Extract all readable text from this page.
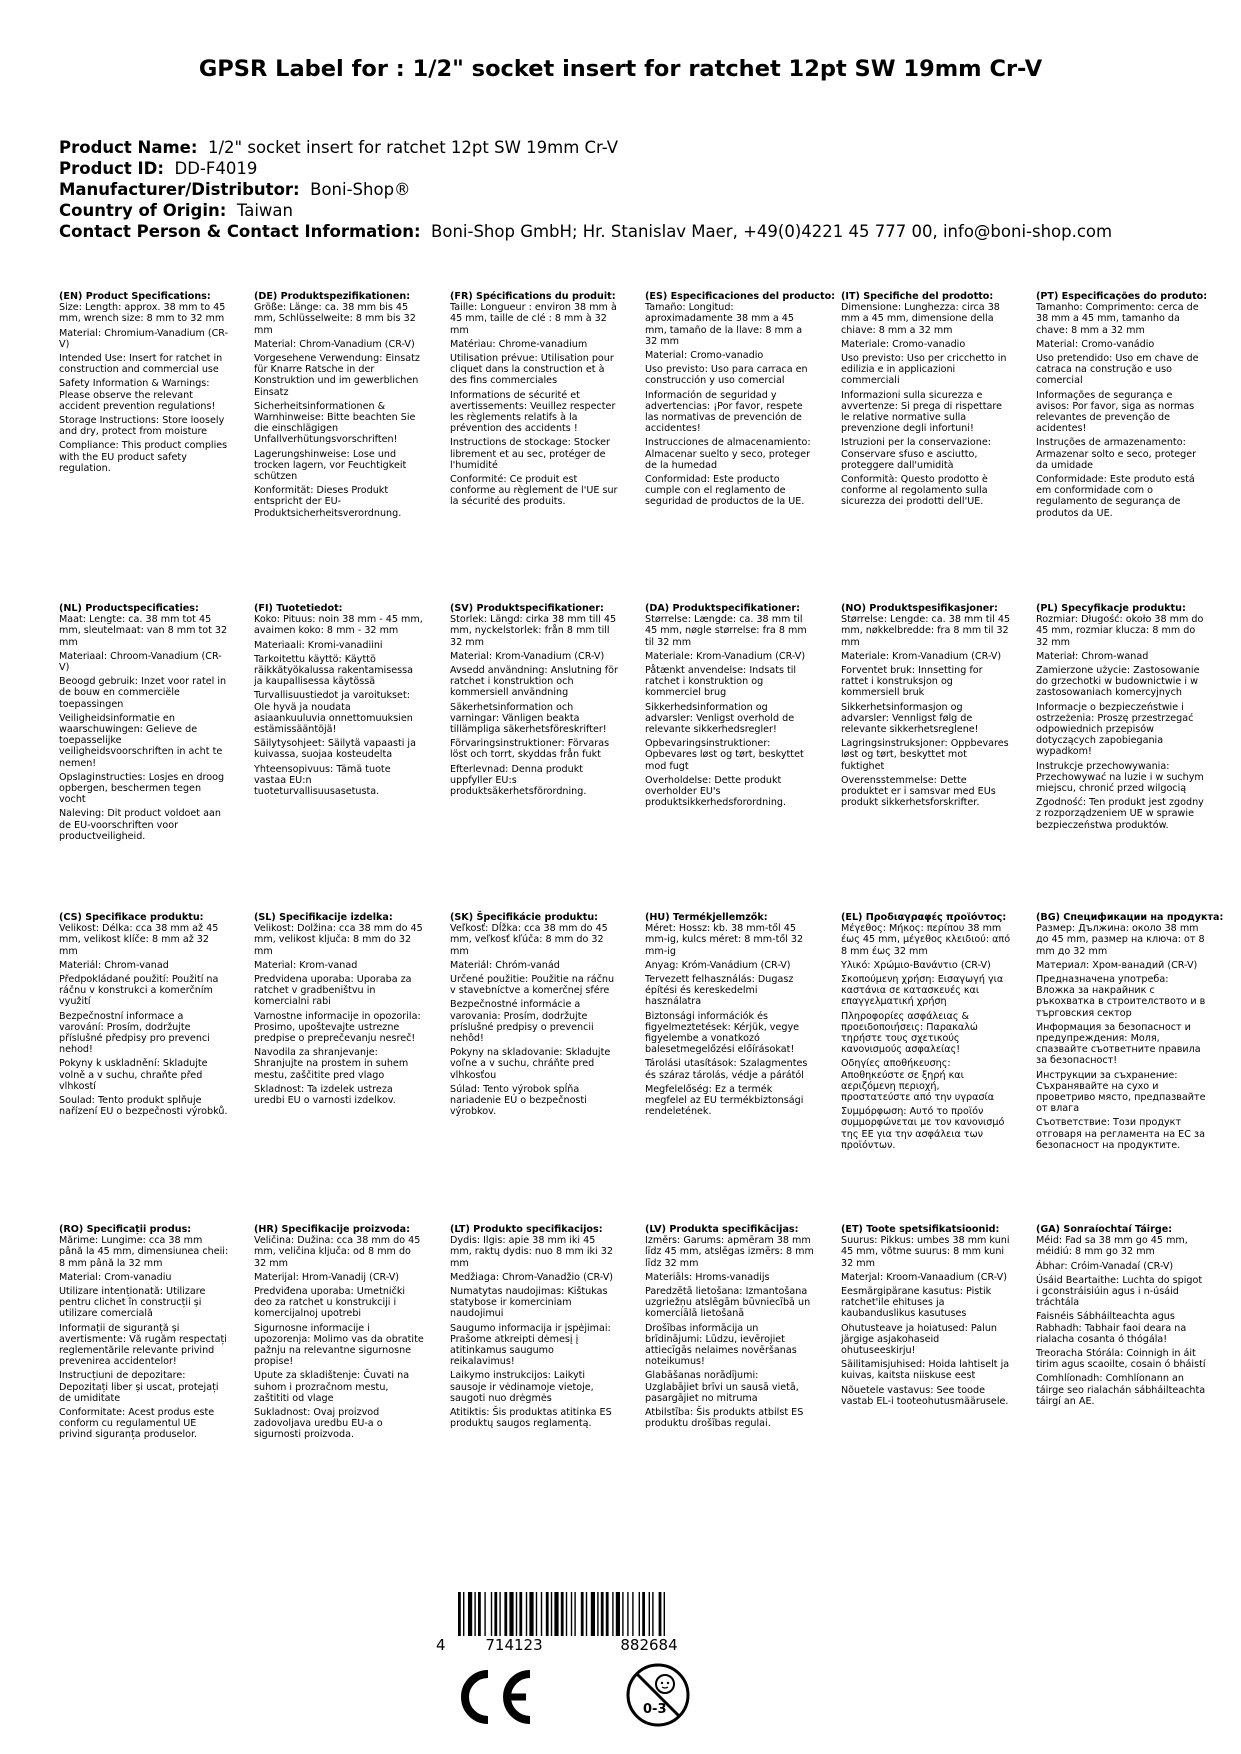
GPSR Label for : 1/2" socket insert for ratchet 12pt SW 19mm Cr-V
Product Name: 1/2" socket insert for ratchet 12pt SW 19mm Cr-V
Product ID: DD-F4019
Manufacturer/Distributor: Boni-Shop®
Country of Origin: Taiwan
Contact Person & Contact Information: Boni-Shop GmbH; Hr. Stanislav Maer, +49(0)4221 45 777 00, info@boni-shop.com
(EN) Product Specifications:

Size: Length: approx. 38 mm to 45 mm, wrench size: 8 mm to 32 mm

Material: Chromium-Vanadium (CR-V)

Intended Use: Insert for ratchet in construction and commercial use

Safety Information & Warnings: Please observe the relevant accident prevention regulations!

Storage Instructions: Store loosely and dry, protect from moisture

Compliance: This product complies with the EU product safety regulation.

(DE) Produktspezifikationen:

Größe: Länge: ca. 38 mm bis 45 mm, Schlüsselweite: 8 mm bis 32 mm

Material: Chrom-Vanadium (CR-V)

Vorgesehene Verwendung: Einsatz für Knarre Ratsche in der Konstruktion und im gewerblichen Einsatz

Sicherheitsinformationen & Warnhinweise: Bitte beachten Sie die einschlägigen Unfallverhütungsvorschriften!

Lagerungshinweise: Lose und trocken lagern, vor Feuchtigkeit schützen

Konformität: Dieses Produkt entspricht der EU-Produktsicherheitsverordnung.

(FR) Spécifications du produit:

Taille: Longueur : environ 38 mm à 45 mm, taille de clé : 8 mm à 32 mm

Matériau: Chrome-vanadium

Utilisation prévue: Utilisation pour cliquet dans la construction et à des fins commerciales

Informations de sécurité et avertissements: Veuillez respecter les règlements relatifs à la prévention des accidents !

Instructions de stockage: Stocker librement et au sec, protéger de l'humidité

Conformité: Ce produit est conforme au règlement de l'UE sur la sécurité des produits.

(ES) Especificaciones del producto:

Tamaño: Longitud: aproximadamente 38 mm a 45 mm, tamaño de la llave: 8 mm a 32 mm

Material: Cromo-vanadio

Uso previsto: Uso para carraca en construcción y uso comercial

Información de seguridad y advertencias: ¡Por favor, respete las normativas de prevención de accidentes!

Instrucciones de almacenamiento: Almacenar suelto y seco, proteger de la humedad

Conformidad: Este producto cumple con el reglamento de seguridad de productos de la UE.

(IT) Specifiche del prodotto:

Dimensione: Lunghezza: circa 38 mm a 45 mm, dimensione della chiave: 8 mm a 32 mm

Materiale: Cromo-vanadio

Uso previsto: Uso per cricchetto in edilizia e in applicazioni commerciali

Informazioni sulla sicurezza e avvertenze: Si prega di rispettare le relative normative sulla prevenzione degli infortuni!

Istruzioni per la conservazione: Conservare sfuso e asciutto, proteggere dall'umidità

Conformità: Questo prodotto è conforme al regolamento sulla sicurezza dei prodotti dell'UE.

(PT) Especificações do produto:

Tamanho: Comprimento: cerca de 38 mm a 45 mm, tamanho da chave: 8 mm a 32 mm

Material: Cromo-vanádio

Uso pretendido: Uso em chave de catraca na construção e uso comercial

Informações de segurança e avisos: Por favor, siga as normas relevantes de prevenção de acidentes!

Instruções de armazenamento: Armazenar solto e seco, proteger da umidade

Conformidade: Este produto está em conformidade com o regulamento de segurança de produtos da UE.

(NL) Productspecificaties:

Maat: Lengte: ca. 38 mm tot 45 mm, sleutelmaat: van 8 mm tot 32 mm

Materiaal: Chroom-Vanadium (CR-V)

Beoogd gebruik: Inzet voor ratel in de bouw en commerciële toepassingen

Veiligheidsinformatie en waarschuwingen: Gelieve de toepasselijke veiligheidsvoorschriften in acht te nemen!

Opslaginstructies: Losjes en droog opbergen, beschermen tegen vocht

Naleving: Dit product voldoet aan de EU-voorschriften voor productveiligheid.

(FI) Tuotetiedot:

Koko: Pituus: noin 38 mm - 45 mm, avaimen koko: 8 mm - 32 mm

Materiaali: Kromi-vanadiini

Tarkoitettu käyttö: Käyttö räikkätyökalussa rakentamisessa ja kaupallisessa käytössä

Turvallisuustiedot ja varoitukset: Ole hyvä ja noudata asiaankuuluvia onnettomuuksien estämissääntöjä!

Säilytysohjeet: Säilytä vapaasti ja kuivassa, suojaa kosteudelta

Yhteensopivuus: Tämä tuote vastaa EU:n tuoteturvallisuusasetusta.

(SV) Produktspecifikationer:

Storlek: Längd: cirka 38 mm till 45 mm, nyckelstorlek: från 8 mm till 32 mm

Material: Krom-Vanadium (CR-V)

Avsedd användning: Anslutning för ratchet i konstruktion och kommersiell användning

Säkerhetsinformation och varningar: Vänligen beakta tillämpliga säkerhetsföreskrifter!

Förvaringsinstruktioner: Förvaras löst och torrt, skyddas från fukt

Efterlevnad: Denna produkt uppfyller EU:s produktsäkerhetsförordning.

(DA) Produktspecifikationer:

Størrelse: Længde: ca. 38 mm til 45 mm, nøgle størrelse: fra 8 mm til 32 mm

Materiale: Krom-Vanadium (CR-V)

Påtænkt anvendelse: Indsats til ratchet i konstruktion og kommerciel brug

Sikkerhedsinformation og advarsler: Venligst overhold de relevante sikkerhedsregler!

Opbevaringsinstruktioner: Opbevares løst og tørt, beskyttet mod fugt

Overholdelse: Dette produkt overholder EU's produktsikkerhedsforordning.

(NO) Produktspesifikasjoner:

Størrelse: Lengde: ca. 38 mm til 45 mm, nøkkelbredde: fra 8 mm til 32 mm

Materiale: Krom-Vanadium (CR-V)

Forventet bruk: Innsetting for rattet i konstruksjon og kommersiell bruk

Sikkerhetsinformasjon og advarsler: Vennligst følg de relevante sikkerhetsreglene!

Lagringsinstruksjoner: Oppbevares løst og tørt, beskyttet mot fuktighet

Overensstemmelse: Dette produktet er i samsvar med EUs produkt sikkerhetsforskrifter.

(PL) Specyfikacje produktu:

Rozmiar: Długość: około 38 mm do 45 mm, rozmiar klucza: 8 mm do 32 mm

Materiał: Chrom-wanad

Zamierzone użycie: Zastosowanie do grzechotki w budownictwie i w zastosowaniach komercyjnych

Informacje o bezpieczeństwie i ostrzeżenia: Proszę przestrzegać odpowiednich przepisów dotyczących zapobiegania wypadkom!

Instrukcje przechowywania: Przechowywać na luzie i w suchym miejscu, chronić przed wilgocią

Zgodność: Ten produkt jest zgodny z rozporządzeniem UE w sprawie bezpieczeństwa produktów.

(CS) Specifikace produktu:

Velikost: Délka: cca 38 mm až 45 mm, velikost klíče: 8 mm až 32 mm

Materiál: Chrom-vanad

Předpokládané použití: Použití na ráčnu v konstrukci a komerčním využití

Bezpečnostní informace a varování: Prosím, dodržujte příslušné předpisy pro prevenci nehod!

Pokyny k uskladnění: Skladujte volně a v suchu, chraňte před vlhkostí

Soulad: Tento produkt splňuje nařízení EU o bezpečnosti výrobků.

(SL) Specifikacije izdelka:

Velikost: Dolžina: cca 38 mm do 45 mm, velikost ključa: 8 mm do 32 mm

Material: Krom-vanad

Predvidena uporaba: Uporaba za ratchet v gradbeništvu in komercialni rabi

Varnostne informacije in opozorila: Prosimo, upoštevajte ustrezne predpise o preprečevanju nesreč!

Navodila za shranjevanje: Shranjujte na prostem in suhem mestu, zaščitite pred vlago

Skladnost: Ta izdelek ustreza uredbi EU o varnosti izdelkov.

(SK) Špecifikácie produktu:

Veľkosť: Dĺžka: cca 38 mm do 45 mm, veľkosť kľúča: 8 mm do 32 mm

Materiál: Chróm-vanád

Určené použitie: Použitie na ráčnu v stavebníctve a komerčnej sfére

Bezpečnostné informácie a varovania: Prosím, dodržujte príslušné predpisy o prevencii nehôd!

Pokyny na skladovanie: Skladujte voľne a v suchu, chráňte pred vlhkosťou

Súlad: Tento výrobok spĺňa nariadenie EÚ o bezpečnosti výrobkov.

(HU) Termékjellemzők:

Méret: Hossz: kb. 38 mm-től 45 mm-ig, kulcs méret: 8 mm-től 32 mm-ig

Anyag: Króm-Vanádium (CR-V)

Tervezett felhasználás: Dugasz építési és kereskedelmi használatra

Biztonsági információk és figyelmeztetések: Kérjük, vegye figyelembe a vonatkozó balesetmegelőzési előírásokat!

Tárolási utasítások: Szalagmentes és száraz tárolás, védje a párától

Megfelelőség: Ez a termék megfelel az EU termékbiztonsági rendeletének.

(EL) Προδιαγραφές προϊόντος:

Μέγεθος: Μήκος: περίπου 38 mm έως 45 mm, μέγεθος κλειδιού: από 8 mm έως 32 mm

Υλικό: Χρώμιο-Βανάντιο (CR-V)

Σκοπούμενη χρήση: Εισαγωγή για καστάνια σε κατασκευές και επαγγελματική χρήση

Πληροφορίες ασφάλειας & προειδοποιήσεις: Παρακαλώ τηρήστε τους σχετικούς κανονισμούς ασφαλείας!

Οδηγίες αποθήκευσης: Αποθηκεύστε σε ξηρή και αεριζόμενη περιοχή, προστατεύστε από την υγρασία

Συμμόρφωση: Αυτό το προϊόν συμμορφώνεται με τον κανονισμό της ΕΕ για την ασφάλεια των προϊόντων.

(BG) Спецификации на продукта:

Размер: Дължина: около 38 mm до 45 mm, размер на ключа: от 8 mm до 32 mm

Материал: Хром-ванадий (CR-V)

Предназначена употреба: Вложка за накрайник с ръкохватка в строителството и в търговския сектор

Информация за безопасност и предупреждения: Моля, спазвайте съответните правила за безопасност!

Инструкции за съхранение: Съхранявайте на сухо и проветриво място, предпазвайте от влага

Съответствие: Този продукт отговаря на регламента на ЕС за безопасност на продуктите.

(RO) Specificații produs:

Mărime: Lungime: cca 38 mm până la 45 mm, dimensiunea cheii: 8 mm până la 32 mm

Material: Crom-vanadiu

Utilizare intenționată: Utilizare pentru clichet în construcții și utilizare comercială

Informații de siguranță și avertismente: Vă rugăm respectați reglementările relevante privind prevenirea accidentelor!

Instrucțiuni de depozitare: Depozitați liber și uscat, protejați de umiditate

Conformitate: Acest produs este conform cu regulamentul UE privind siguranța produselor.

(HR) Specifikacije proizvoda:

Veličina: Dužina: cca 38 mm do 45 mm, veličina ključa: od 8 mm do 32 mm

Materijal: Hrom-Vanadij (CR-V)

Predviđena uporaba: Umetnički deo za ratchet u konstrukciji i komercijalnoj upotrebi

Sigurnosne informacije i upozorenja: Molimo vas da obratite pažnju na relevantne sigurnosne propise!

Upute za skladištenje: Čuvati na suhom i prozračnom mestu, zaštititi od vlage

Sukladnost: Ovaj proizvod zadovoljava uredbu EU-a o sigurnosti proizvoda.

(LT) Produkto specifikacijos:

Dydis: Ilgis: apie 38 mm iki 45 mm, raktų dydis: nuo 8 mm iki 32 mm

Medžiaga: Chrom-Vanadžio (CR-V)

Numatytas naudojimas: Kištukas statybose ir komerciniam naudojimui

Saugumo informacija ir įspėjimai: Prašome atkreipti dėmesį į atitinkamus saugumo reikalavimus!

Laikymo instrukcijos: Laikyti sausoje ir vėdinamoje vietoje, saugoti nuo drėgmės

Atitiktis: Šis produktas atitinka ES produktų saugos reglamentą.

(LV) Produkta specifikācijas:

Izmērs: Garums: apmēram 38 mm līdz 45 mm, atslēgas izmērs: 8 mm līdz 32 mm

Materiāls: Hroms-vanadijs

Paredzētā lietošana: Izmantošana uzgriežņu atslēgām būvniecībā un komerciālā lietošanā

Drošības informācija un brīdinājumi: Lūdzu, ievērojiet attiecīgās nelaimes novēršanas noteikumus!

Glabāšanas norādījumi: Uzglabājiet brīvi un sausā vietā, pasargājiet no mitruma

Atbilstība: Šis produkts atbilst ES produktu drošības regulai.

(ET) Toote spetsifikatsioonid:

Suurus: Pikkus: umbes 38 mm kuni 45 mm, võtme suurus: 8 mm kuni 32 mm

Materjal: Kroom-Vanaadium (CR-V)

Eesmärgipärane kasutus: Pistik ratchet'ile ehituses ja kaubanduslikus kasutuses

Ohutusteave ja hoiatused: Palun järgige asjakohaseid ohutuseeskirju!

Säilitamisjuhised: Hoida lahtiselt ja kuivas, kaitsta niiskuse eest

Nõuetele vastavus: See toode vastab EL-i tooteohutusmäärusele.

(GA) Sonraíochtaí Táirge:

Méid: Fad sa 38 mm go 45 mm, méidiú: 8 mm go 32 mm

Ábhar: Cróim-Vanadaí (CR-V)

Úsáid Beartaithe: Luchta do spigot i gconstráisiúin agus i n-úsáid tráchtála

Faisnéis Sábháilteachta agus Rabhadh: Tabhair faoi deara na rialacha cosanta ó thógála!

Treoracha Stórála: Coinnigh in áit tirim agus scaoilte, cosain ó bháistí

Comhlíonadh: Comhlíonann an táirge seo rialachán sábháilteachta táirgí an AE.

4	714123	882684
0-3
